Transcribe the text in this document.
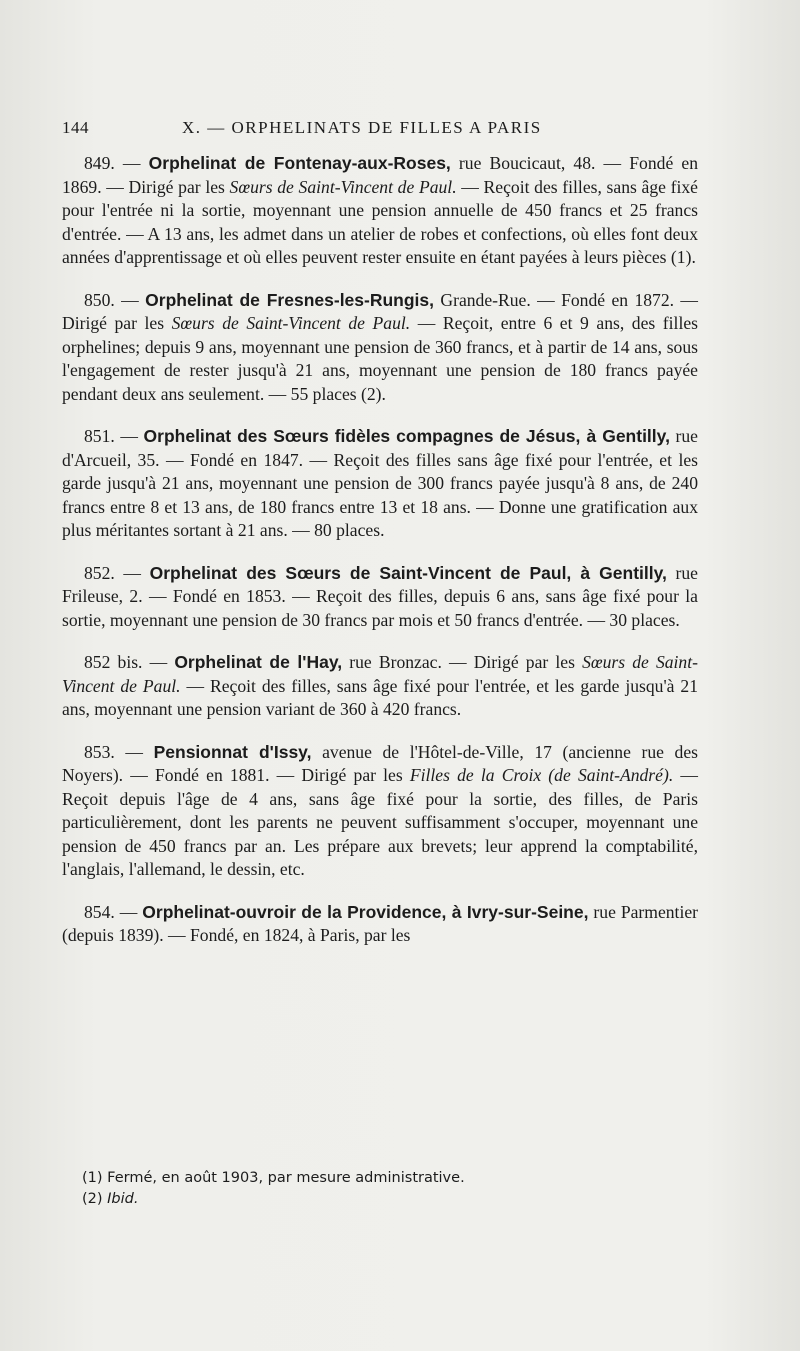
144	X. — ORPHELINATS DE FILLES A PARIS

849. — Orphelinat de Fontenay-aux-Roses, rue Boucicaut, 48. — Fondé en 1869. — Dirigé par les Sœurs de Saint-Vincent de Paul. — Reçoit des filles, sans âge fixé pour l'entrée ni la sortie, moyennant une pension annuelle de 450 francs et 25 francs d'entrée. — A 13 ans, les admet dans un atelier de robes et confections, où elles font deux années d'apprentissage et où elles peuvent rester ensuite en étant payées à leurs pièces (1).

850. — Orphelinat de Fresnes-les-Rungis, Grande-Rue. — Fondé en 1872. — Dirigé par les Sœurs de Saint-Vincent de Paul. — Reçoit, entre 6 et 9 ans, des filles orphelines; depuis 9 ans, moyennant une pension de 360 francs, et à partir de 14 ans, sous l'engagement de rester jusqu'à 21 ans, moyennant une pension de 180 francs payée pendant deux ans seulement. — 55 places (2).

851. — Orphelinat des Sœurs fidèles compagnes de Jésus, à Gentilly, rue d'Arcueil, 35. — Fondé en 1847. — Reçoit des filles sans âge fixé pour l'entrée, et les garde jusqu'à 21 ans, moyennant une pension de 300 francs payée jusqu'à 8 ans, de 240 francs entre 8 et 13 ans, de 180 francs entre 13 et 18 ans. — Donne une gratification aux plus méritantes sortant à 21 ans. — 80 places.

852. — Orphelinat des Sœurs de Saint-Vincent de Paul, à Gentilly, rue Frileuse, 2. — Fondé en 1853. — Reçoit des filles, depuis 6 ans, sans âge fixé pour la sortie, moyennant une pension de 30 francs par mois et 50 francs d'entrée. — 30 places.

852 bis. — Orphelinat de l'Hay, rue Bronzac. — Dirigé par les Sœurs de Saint-Vincent de Paul. — Reçoit des filles, sans âge fixé pour l'entrée, et les garde jusqu'à 21 ans, moyennant une pension variant de 360 à 420 francs.

853. — Pensionnat d'Issy, avenue de l'Hôtel-de-Ville, 17 (ancienne rue des Noyers). — Fondé en 1881. — Dirigé par les Filles de la Croix (de Saint-André). — Reçoit depuis l'âge de 4 ans, sans âge fixé pour la sortie, des filles, de Paris particulièrement, dont les parents ne peuvent suffisamment s'occuper, moyennant une pension de 450 francs par an. Les prépare aux brevets; leur apprend la comptabilité, l'anglais, l'allemand, le dessin, etc.

854. — Orphelinat-ouvroir de la Providence, à Ivry-sur-Seine, rue Parmentier (depuis 1839). — Fondé, en 1824, à Paris, par les

(1) Fermé, en août 1903, par mesure administrative.
(2) Ibid.
